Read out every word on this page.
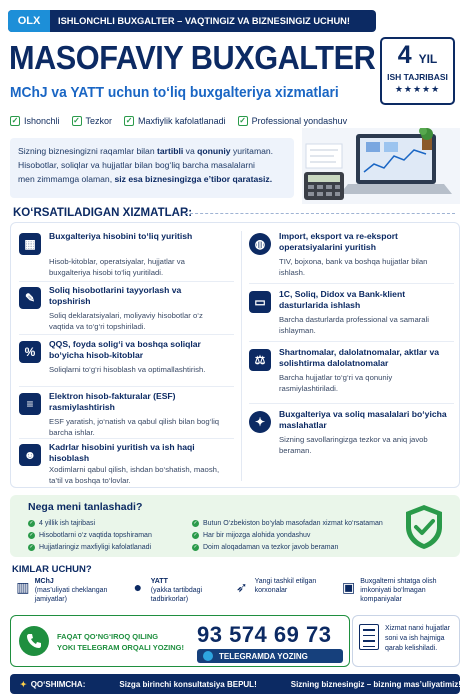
OLX	ISHLONCHLI BUXGALTER – VAQTINGIZ VA BIZNESINGIZ UCHUN!
MASOFAVIY BUXGALTER
MChJ va YATT uchun to‘liq buxgalteriya xizmatlari
4 YIL
ISH TAJRIBASI
★★★★★
✓ Ishonchli ✓ Tezkor ✓ Maxfiylik kafolatlanadi ✓ Professional yondashuv
Sizning biznesingizni raqamlar bilan tartibli va qonuniy yuritaman.
Hisobotlar, soliqlar va hujjatlar bilan bog‘liq barcha masalalarni
men zimmamga olaman, siz esa biznesingizga e’tibor qaratasiz.
KO‘RSATILADIGAN XIZMATLAR:
▦
Buxgalteriya hisobini to‘liq yuritish
Hisob-kitoblar, operatsiyalar, hujjatlar va buxgalteriya hisobi to‘liq yuritiladi.
✎
Soliq hisobotlarini tayyorlash va topshirish
Soliq deklaratsiyalari, moliyaviy hisobotlar o‘z vaqtida va to‘g‘ri topshiriladi.
%
QQS, foyda solig‘i va boshqa soliqlar bo‘yicha hisob-kitoblar
Soliqlarni to‘g‘ri hisoblash va optimallashtirish.
≡
Elektron hisob-fakturalar (ESF) rasmiylashtirish
ESF yaratish, jo‘natish va qabul qilish bilan bog‘liq barcha ishlar.
☻
Kadrlar hisobini yuritish va ish haqi hisoblash
Xodimlarni qabul qilish, ishdan bo‘shatish, maosh, ta’til va boshqa to‘lovlar.
◍
Import, eksport va re-eksport operatsiyalarini yuritish
TIV, bojxona, bank va boshqa hujjatlar bilan ishlash.
▭
1C, Soliq, Didox va Bank-klient dasturlarida ishlash
Barcha dasturlarda professional va samarali ishlayman.
⚖
Shartnomalar, dalolatnomalar, aktlar va solishtirma dalolatnomalar
Barcha hujjatlar to‘g‘ri va qonuniy rasmiylashtiriladi.
✦
Buxgalteriya va soliq masalalari bo‘yicha maslahatlar
Sizning savollaringizga tezkor va aniq javob beraman.
Nega meni tanlashadi?
✓ 4 yillik ish tajribasi
✓ Hisobotlarni o‘z vaqtida topshiraman
✓ Hujjatlaringiz maxfiyligi kafolatlanadi
✓ Butun O‘zbekiston bo‘ylab masofadan xizmat ko‘rsataman
✓ Har bir mijozga alohida yondashuv
✓ Doim aloqadaman va tezkor javob beraman
KIMLAR UCHUN?
▥ MChJ
(mas’uliyati cheklangan jamiyatlar)
●	YATT
(yakka tartibdagi tadbirkorlar)
➶ Yangi tashkil etilgan korxonalar	▣ Buxgalterni shtatga olish imkoniyati bo‘lmagan kompaniyalar
FAQAT QO‘NG‘IROQ QILING
YOKI TELEGRAM ORQALI YOZING!
93 574 69 73
TELEGRAMDA YOZING
Xizmat narxi hujjatlar soni va ish hajmiga qarab kelishiladi.
✦ QO‘SHIMCHA:	Sizga birinchi konsultatsiya BEPUL!	Sizning biznesingiz – bizning mas’uliyatimiz!
